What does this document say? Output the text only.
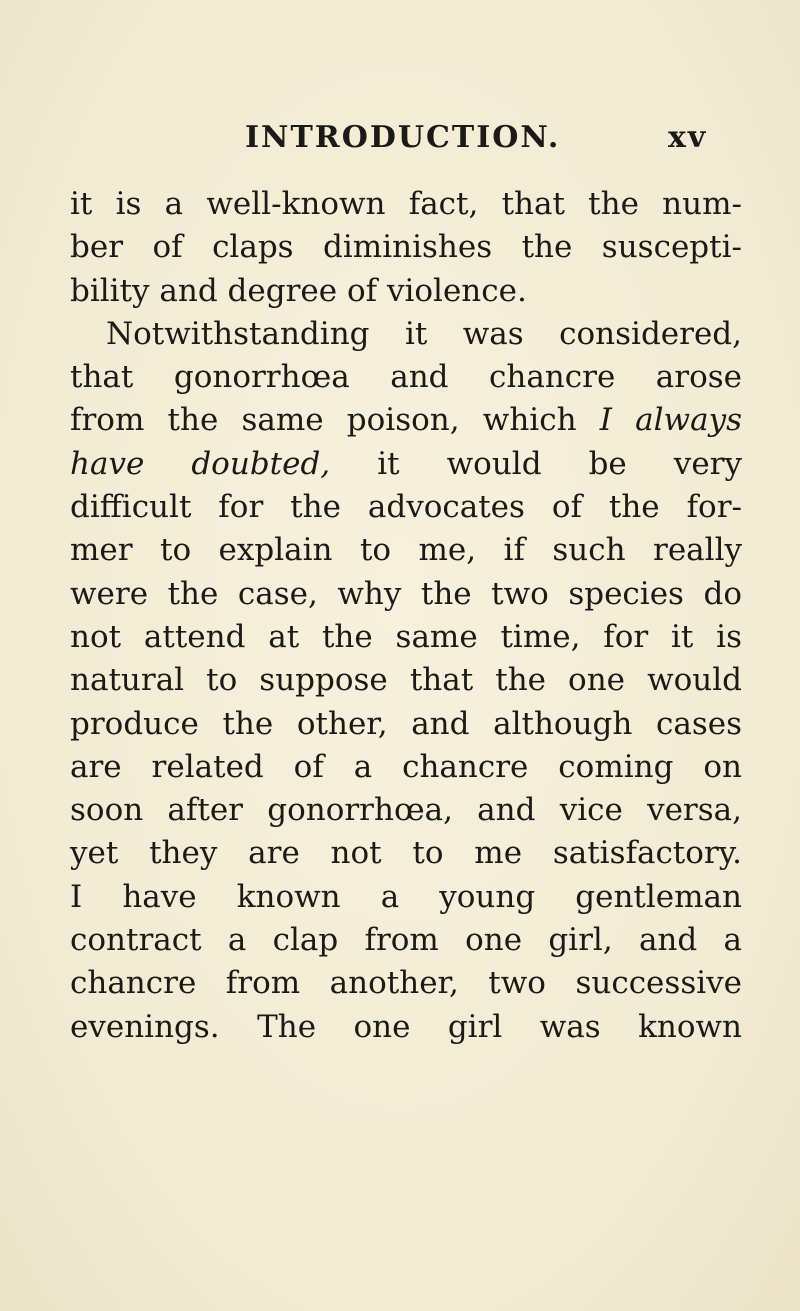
INTRODUCTION.	xv
it is a well-known fact, that the num-
ber of claps diminishes the suscepti-
bility and degree of violence.
Notwithstanding it was considered,
that gonorrhœa and chancre arose
from the same poison, which I always
have doubted, it would be very
difficult for the advocates of the for-
mer to explain to me, if such really
were the case, why the two species do
not attend at the same time, for it is
natural to suppose that the one would
produce the other, and although cases
are related of a chancre coming on
soon after gonorrhœa, and vice versa,
yet they are not to me satisfactory.
I have known a young gentleman
contract a clap from one girl, and a
chancre from another, two successive
evenings. The one girl was known
